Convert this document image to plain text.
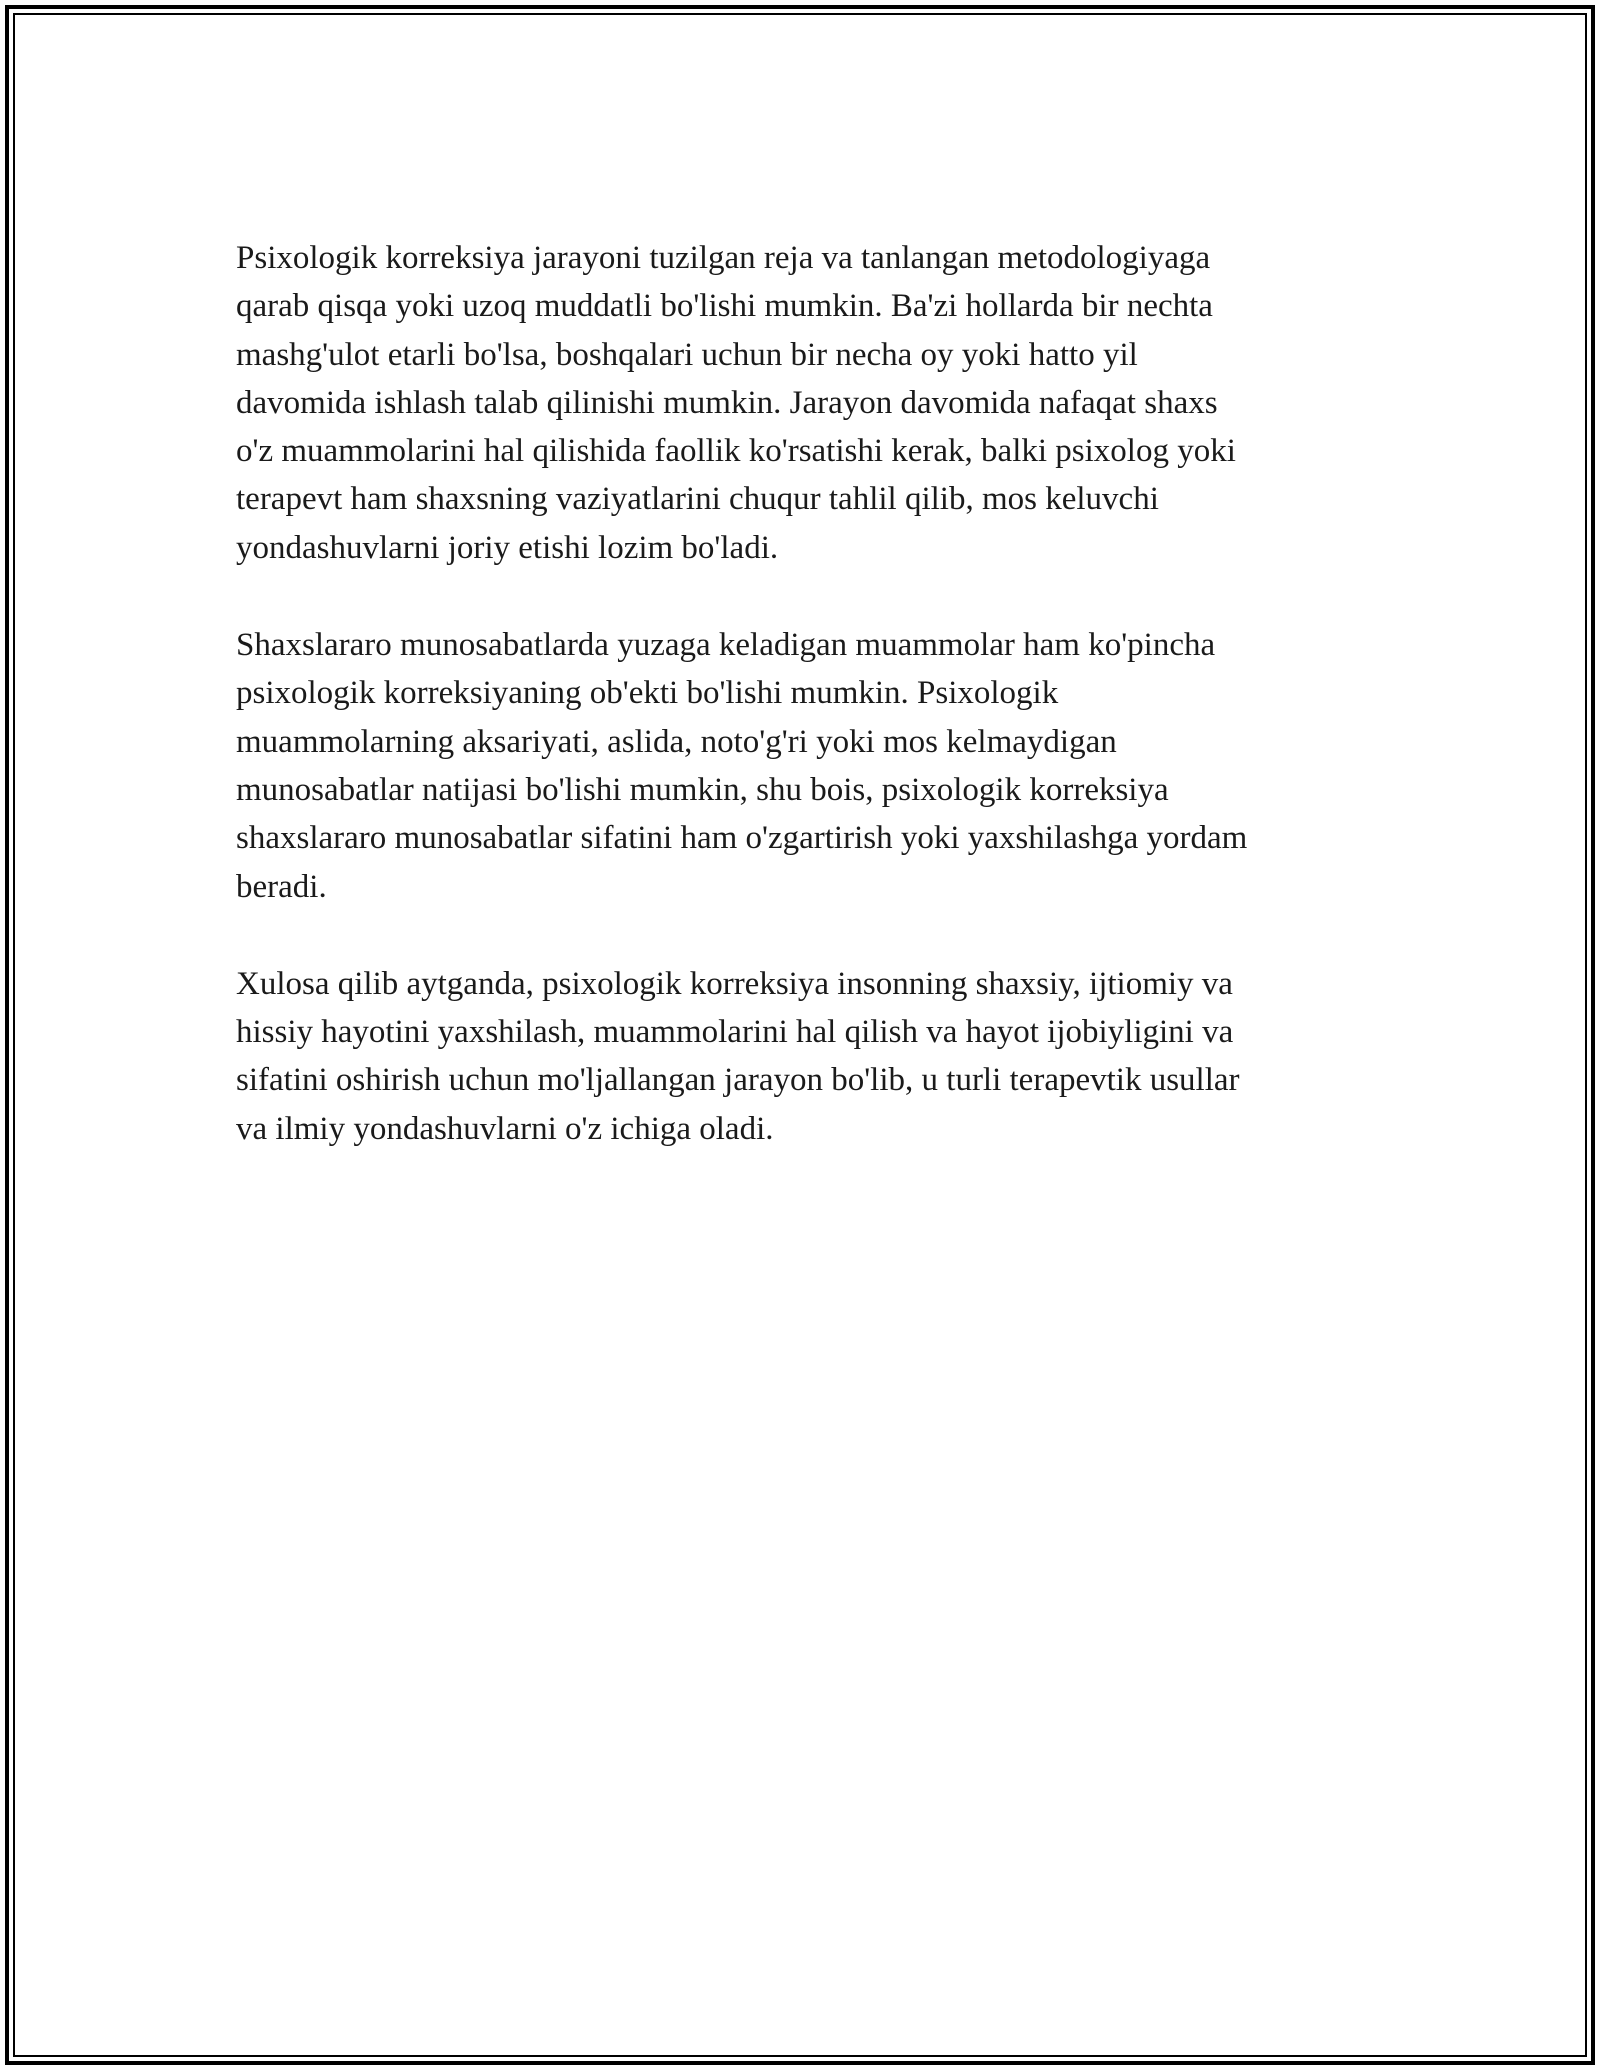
Psixologik korreksiya jarayoni tuzilgan reja va tanlangan metodologiyaga
qarab qisqa yoki uzoq muddatli bo'lishi mumkin. Ba'zi hollarda bir nechta
mashg'ulot etarli bo'lsa, boshqalari uchun bir necha oy yoki hatto yil
davomida ishlash talab qilinishi mumkin. Jarayon davomida nafaqat shaxs
o'z muammolarini hal qilishida faollik ko'rsatishi kerak, balki psixolog yoki
terapevt ham shaxsning vaziyatlarini chuqur tahlil qilib, mos keluvchi
yondashuvlarni joriy etishi lozim bo'ladi.

Shaxslararo munosabatlarda yuzaga keladigan muammolar ham ko'pincha
psixologik korreksiyaning ob'ekti bo'lishi mumkin. Psixologik
muammolarning aksariyati, aslida, noto'g'ri yoki mos kelmaydigan
munosabatlar natijasi bo'lishi mumkin, shu bois, psixologik korreksiya
shaxslararo munosabatlar sifatini ham o'zgartirish yoki yaxshilashga yordam
beradi.

Xulosa qilib aytganda, psixologik korreksiya insonning shaxsiy, ijtiomiy va
hissiy hayotini yaxshilash, muammolarini hal qilish va hayot ijobiyligini va
sifatini oshirish uchun mo'ljallangan jarayon bo'lib, u turli terapevtik usullar
va ilmiy yondashuvlarni o'z ichiga oladi.
